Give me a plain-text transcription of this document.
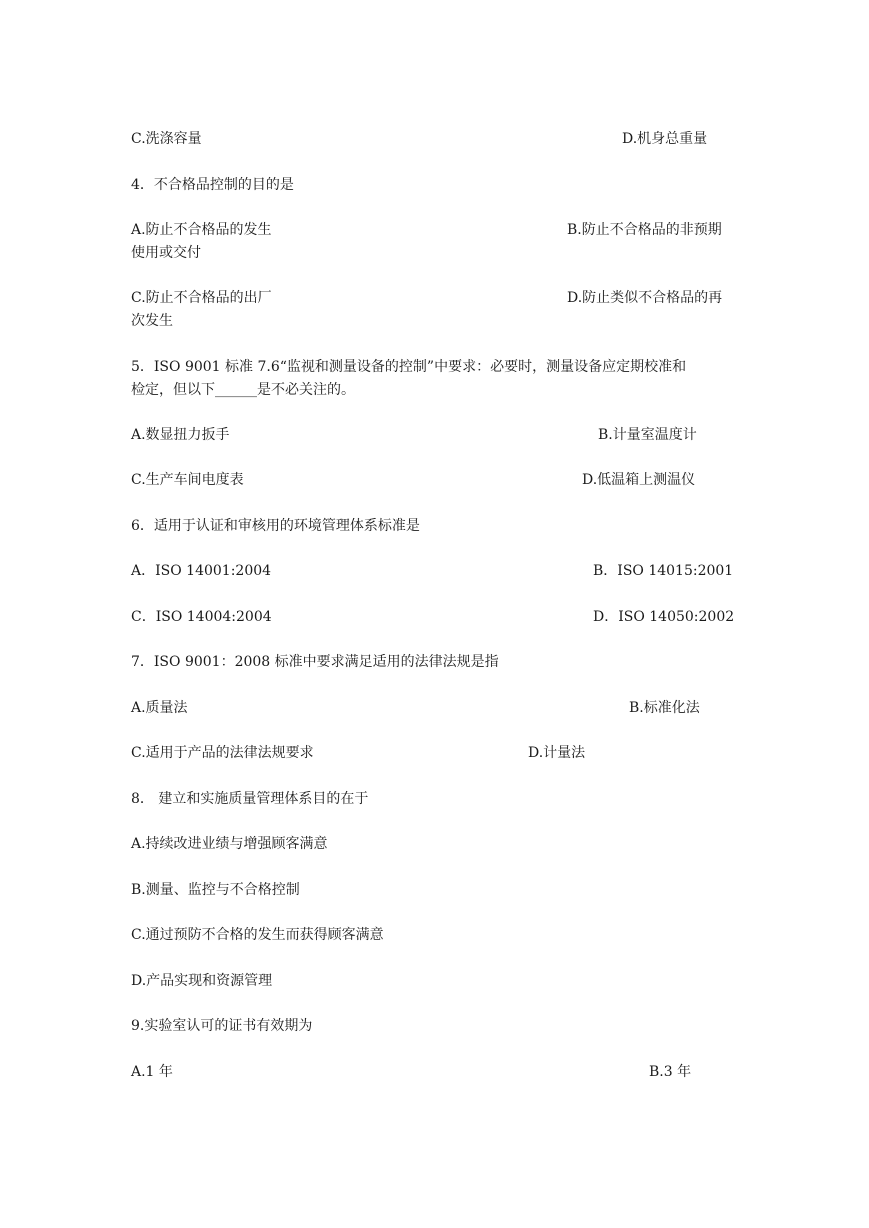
C.洗涤容量	D.机身总重量
4．不合格品控制的目的是
A.防止不合格品的发生	B.防止不合格品的非预期
使用或交付
C.防止不合格品的出厂	D.防止类似不合格品的再
次发生
5．ISO 9001 标准 7.6“监视和测量设备的控制”中要求：必要时，测量设备应定期校准和
检定，但以下______是不必关注的。
A.数显扭力扳手	B.计量室温度计
C.生产车间电度表	D.低温箱上测温仪
6．适用于认证和审核用的环境管理体系标准是
A．ISO 14001:2004	B．ISO 14015:2001
C．ISO 14004:2004	D．ISO 14050:2002
7．ISO 9001：2008 标准中要求满足适用的法律法规是指
A.质量法	B.标准化法
C.适用于产品的法律法规要求	D.计量法
8． 建立和实施质量管理体系目的在于
A.持续改进业绩与增强顾客满意
B.测量、监控与不合格控制
C.通过预防不合格的发生而获得顾客满意
D.产品实现和资源管理
9.实验室认可的证书有效期为
A.1 年	B.3 年
